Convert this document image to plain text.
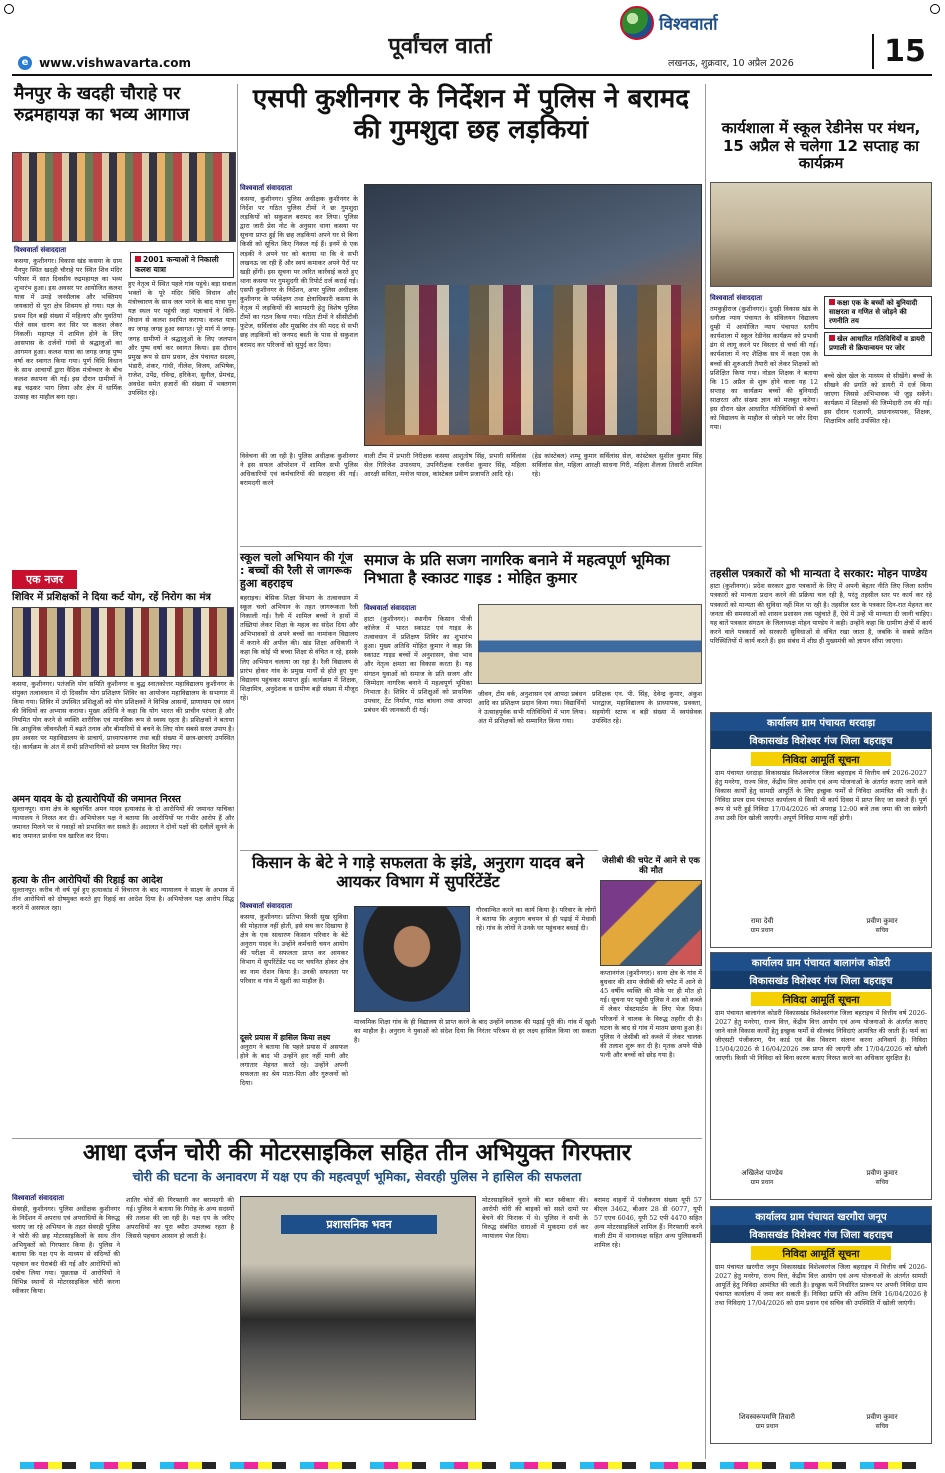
पूर्वांचल वार्ता
e www.vishwavarta.com
विश्ववार्ता
लखनऊ, शुक्रवार, 10 अप्रैल 2026	15
मैनपुर के खदही चौराहे पर रुद्रमहायज्ञ का भव्य आगाज
विश्ववार्ता संवाददाता
कसया, कुशीनगर। विकास खंड कसया के ग्राम मैनपुर स्थित खदही चौराहे पर स्थित शिव मंदिर परिसर में सात दिवसीय रुद्रमहायज्ञ का भव्य शुभारंभ हुआ। इस अवसर पर आयोजित कलश यात्रा में उमड़े जनसैलाब और भक्तिमय जयकारों से पूरा क्षेत्र शिवमय हो गया। यज्ञ के प्रथम दिन बड़ी संख्या में महिलाएं और युवतियां पीले वस्त्र धारण कर सिर पर कलश लेकर निकलीं। महायज्ञ में शामिल होने के लिए आसपास के दर्जनों गांवों से श्रद्धालुओं का आगमन हुआ। कलश यात्रा का जगह जगह पुष्प वर्षा कर स्वागत किया गया। पूर्ण विधि विधान के साथ आचार्यों द्वारा वैदिक मंत्रोच्चार के बीच कलश स्थापना की गई। इस दौरान ग्रामीणों ने बढ़ चढ़कर भाग लिया और क्षेत्र में धार्मिक उत्साह का माहौल बना रहा।
2001 कन्याओं ने निकाली कलश यात्रा
हुए नेतृत्व में स्थित पहले गांव पहुंचे। बड़ा सवाल भक्तों के पूरे मंदिर विधि विधान और मंत्रोच्चारण के साथ जल भरने के बाद यात्रा पुनः यज्ञ स्थल पर पहुंची जहां यज्ञाचार्य ने विधि-विधान से कलश स्थापित कराया। कलश यात्रा का जगह जगह हुआ स्वागत। पूरे मार्ग में जगह-जगह ग्रामीणों ने श्रद्धालुओं के लिए जलपान और पुष्प वर्षा कर स्वागत किया। इस दौरान प्रमुख रूप से ग्राम प्रधान, क्षेत्र पंचायत सदस्य, भंडारी, शंकर, गांधी, नीलेश, विजय, अभिषेक, राजेश, उपेंद्र, रविन्द्र, हरिकेश, सुनील, प्रेमचंद्र, अवधेश समेत हजारों की संख्या में भक्तगण उपस्थित रहे।
एसपी कुशीनगर के निर्देशन में पुलिस ने बरामद की गुमशुदा छह लड़कियां
विश्ववार्ता संवाददाता
कसया, कुशीनगर। पुलिस अधीक्षक कुशीनगर के निर्देश पर गठित पुलिस टीमों ने छः गुमशुदा लड़कियों को सकुशल बरामद कर लिया। पुलिस द्वारा जारी प्रेस नोट के अनुसार थाना कसया पर सूचना प्राप्त हुई कि छह लड़कियां अपने घर से बिना किसी को सूचित किए निकल गई हैं। इनमें से एक लड़की ने अपने घर को बताया था कि वे सभी लखनऊ जा रही हैं और स्वयं कमाकर अपने पैरों पर खड़ी होंगी। इस सूचना पर त्वरित कार्रवाई करते हुए थाना कसया पर गुमशुदगी की रिपोर्ट दर्ज कराई गई। एसपी कुशीनगर के निर्देशन, अपर पुलिस अधीक्षक कुशीनगर के पर्यवेक्षण तथा क्षेत्राधिकारी कसया के नेतृत्व में लड़कियों की बरामदगी हेतु विशेष पुलिस टीमों का गठन किया गया। गठित टीमों ने सीसीटीवी फुटेज, सर्विलांस और मुखबिर तंत्र की मदद से सभी छह लड़कियों को जनपद बस्ती के पास से सकुशल बरामद कर परिजनों को सुपुर्द कर दिया।
विवेचना की जा रही है। पुलिस अधीक्षक कुशीनगर ने इस सफल ऑपरेशन में शामिल सभी पुलिस अधिकारियों एवं कर्मचारियों की सराहना की गई। बरामदगी करने
वाली टीम में प्रभारी निरीक्षक कसया आशुतोष सिंह, प्रभारी सर्विलांस सेल गिरिजेश उपाध्याय, उपनिरीक्षक रजनीश कुमार सिंह, महिला आरक्षी सविता, मनोज यादव, कांस्टेबल प्रवीण प्रजापति आदि रहे।
(हेड कांस्टेबल) शम्भू कुमार सर्विलांस सेल, कांस्टेबल सुशील कुमार सिंह सर्विलांस सेल, महिला आरक्षी साधना गिरी, महिला शैलजा तिवारी शामिल रहे।
कार्यशाला में स्कूल रेडीनेस पर मंथन, 15 अप्रैल से चलेगा 12 सप्ताह का कार्यक्रम
विश्ववार्ता संवाददाता
तमकुहीराज (कुशीनगर)। दुदही विकास खंड के धनौजा न्याय पंचायत के संविलयन विद्यालय दुम्ही में आयोजित न्याय पंचायत स्तरीय कार्यशाला में स्कूल रेडीनेस कार्यक्रम को प्रभावी ढंग से लागू करने पर विस्तार से चर्चा की गई। कार्यशाला में नए शैक्षिक सत्र में कक्षा एक के बच्चों की शुरुआती तैयारी को लेकर शिक्षकों को प्रशिक्षित किया गया। नोडल शिक्षक ने बताया कि 15 अप्रैल से शुरू होने वाला यह 12 सप्ताह का कार्यक्रम बच्चों की बुनियादी साक्षरता और संख्या ज्ञान को मजबूत करेगा। इस दौरान खेल आधारित गतिविधियों से बच्चों को विद्यालय के माहौल से जोड़ने पर जोर दिया गया।
कक्षा एक के बच्चों को बुनियादी साक्षरता व गणित से जोड़ने की रणनीति तय
खेल आधारित गतिविधियों व डायरी प्रणाली से क्रियान्वयन पर जोर
बच्चे खेल खेल के माध्यम से सीखेंगे। बच्चों के सीखने की प्रगति को डायरी में दर्ज किया जाएगा जिससे अभिभावक भी जुड़ सकेंगे। कार्यक्रम में शिक्षकों की जिम्मेदारी तय की गई। इस दौरान एआरपी, प्रधानाध्यापक, शिक्षक, शिक्षामित्र आदि उपस्थित रहे।
तहसील पत्रकारों को भी मान्यता दे सरकार: मोहन पाण्डेय
हाटा (कुशीनगर)। प्रदेश सरकार द्वारा पत्रकारों के लिए में अपनी बेहतर नीति लिए जिला स्तरीय पत्रकारों को मान्यता प्रदान करने की प्रक्रिया चल रही है, परंतु तहसील स्तर पर कार्य कर रहे पत्रकारों को मान्यता की सुविधा नहीं मिल पा रही है। तहसील स्तर के पत्रकार दिन-रात मेहनत कर जनता की समस्याओं को शासन प्रशासन तक पहुंचाते हैं, ऐसे में उन्हें भी मान्यता दी जानी चाहिए। यह बातें पत्रकार संगठन के जिलाध्यक्ष मोहन पाण्डेय ने कही। उन्होंने कहा कि ग्रामीण क्षेत्रों में कार्य करने वाले पत्रकारों को सरकारी सुविधाओं से वंचित रखा जाता है, जबकि वे सबसे कठिन परिस्थितियों में कार्य करते हैं। इस संबंध में शीघ्र ही मुख्यमंत्री को ज्ञापन सौंपा जाएगा।
कार्यालय ग्राम पंचायत धरदाड़ा
विकासखंड विशेश्वर गंज जिला बहराइच
निविदा आमूर्ति सूचना
ग्राम पंचायत धरदाड़ा विकासखंड विशेश्वरगंज जिला बहराइच में वित्तीय वर्ष 2026-2027 हेतु मनरेगा, राज्य वित्त, केंद्रीय वित्त आयोग एवं अन्य योजनाओं के अंतर्गत कराए जाने वाले विकास कार्यों हेतु सामग्री आपूर्ति के लिए इच्छुक फर्मों से निविदा आमंत्रित की जाती है। निविदा प्रपत्र ग्राम पंचायत कार्यालय से किसी भी कार्य दिवस में प्राप्त किए जा सकते हैं। पूर्ण रूप से भरी हुई निविदा 17/04/2026 को अपराह्न 12:00 बजे तक जमा की जा सकेगी तथा उसी दिन खोली जाएगी। अपूर्ण निविदा मान्य नहीं होगी।
रामा देवी
ग्राम प्रधान
प्रवीण कुमार
सचिव
कार्यालय ग्राम पंचायत बालागंज कोडरी
विकासखंड विशेश्वर गंज जिला बहराइच
निविदा आमूर्ति सूचना
ग्राम पंचायत बालागंज कोडरी विकासखंड विशेश्वरगंज जिला बहराइच में वित्तीय वर्ष 2026-2027 हेतु मनरेगा, राज्य वित्त, केंद्रीय वित्त आयोग एवं अन्य योजनाओं के अंतर्गत कराए जाने वाले विकास कार्यों हेतु इच्छुक फर्मों से सीलबंद निविदाएं आमंत्रित की जाती हैं। फर्म का जीएसटी पंजीकरण, पैन कार्ड एवं बैंक विवरण संलग्न करना अनिवार्य है। निविदा 15/04/2026 से 16/04/2026 तक प्राप्त की जाएगी और 17/04/2026 को खोली जाएगी। किसी भी निविदा को बिना कारण बताए निरस्त करने का अधिकार सुरक्षित है।
अखिलेश पाण्डेय
ग्राम प्रधान
प्रवीण कुमार
सचिव
कार्यालय ग्राम पंचायत खरगौरा जनूप
विकासखंड विशेश्वर गंज जिला बहराइच
निविदा आमूर्ति सूचना
ग्राम पंचायत खरगौरा जनूप विकासखंड विशेश्वरगंज जिला बहराइच में वित्तीय वर्ष 2026-2027 हेतु मनरेगा, राज्य वित्त, केंद्रीय वित्त आयोग एवं अन्य योजनाओं के अंतर्गत सामग्री आपूर्ति हेतु निविदा आमंत्रित की जाती है। इच्छुक फर्में निर्धारित प्रारूप पर अपनी निविदा ग्राम पंचायत कार्यालय में जमा कर सकती हैं। निविदा प्राप्ति की अंतिम तिथि 16/04/2026 है तथा निविदाएं 17/04/2026 को ग्राम प्रधान एवं सचिव की उपस्थिति में खोली जाएंगी।
शिवस्वरूपमणि तिवारी
ग्राम प्रधान
प्रवीण कुमार
सचिव
एक नजर
शिविर में प्रशिक्षकों ने दिया कर्ट योग, रहें निरोग का मंत्र
कसया, कुशीनगर। पतंजलि योग समिति कुशीनगर व बुद्ध स्नातकोत्तर महाविद्यालय कुशीनगर के संयुक्त तत्वावधान में दो दिवसीय योग प्रशिक्षण शिविर का आयोजन महाविद्यालय के सभागार में किया गया। शिविर में उपस्थित प्रशिक्षुओं को योग प्रशिक्षकों ने विभिन्न आसनों, प्राणायाम एवं ध्यान की विधियों का अभ्यास कराया। मुख्य अतिथि ने कहा कि योग भारत की प्राचीन परंपरा है और नियमित योग करने से व्यक्ति शारीरिक एवं मानसिक रूप से स्वस्थ रहता है। प्रशिक्षकों ने बताया कि आधुनिक जीवनशैली में बढ़ते तनाव और बीमारियों से बचने के लिए योग सबसे सरल उपाय है। इस अवसर पर महाविद्यालय के प्राचार्य, प्राध्यापकगण तथा बड़ी संख्या में छात्र-छात्राएं उपस्थित रहे। कार्यक्रम के अंत में सभी प्रतिभागियों को प्रमाण पत्र वितरित किए गए।
अमन यादव के दो हत्यारोपियों की जमानत निरस्त
सुल्तानपुर। थाना क्षेत्र के बहुचर्चित अमन यादव हत्याकांड के दो आरोपियों की जमानत याचिका न्यायालय ने निरस्त कर दी। अभियोजन पक्ष ने बताया कि आरोपियों पर गंभीर आरोप हैं और जमानत मिलने पर वे गवाहों को प्रभावित कर सकते हैं। अदालत ने दोनों पक्षों की दलीलें सुनने के बाद जमानत प्रार्थना पत्र खारिज कर दिया।
हत्या के तीन आरोपियों की रिहाई का आदेश
सुल्तानपुर। करीब नौ वर्ष पूर्व हुए हत्याकांड में विचारण के बाद न्यायालय ने साक्ष्य के अभाव में तीन आरोपियों को दोषमुक्त करते हुए रिहाई का आदेश दिया है। अभियोजन पक्ष आरोप सिद्ध करने में असफल रहा।
स्कूल चलो अभियान की गूंज : बच्चों की रैली से जागरूक हुआ बहराइच
बहराइच। बेसिक शिक्षा विभाग के तत्वावधान में स्कूल चलो अभियान के तहत जागरूकता रैली निकाली गई। रैली में शामिल बच्चों ने हाथों में तख्तियां लेकर शिक्षा के महत्व का संदेश दिया और अभिभावकों से अपने बच्चों का नामांकन विद्यालय में कराने की अपील की। खंड शिक्षा अधिकारी ने कहा कि कोई भी बच्चा शिक्षा से वंचित न रहे, इसके लिए अभियान चलाया जा रहा है। रैली विद्यालय से प्रारंभ होकर गांव के प्रमुख मार्गों से होते हुए पुनः विद्यालय पहुंचकर समाप्त हुई। कार्यक्रम में शिक्षक, शिक्षामित्र, अनुदेशक व ग्रामीण बड़ी संख्या में मौजूद रहे।
समाज के प्रति सजग नागरिक बनाने में महत्वपूर्ण भूमिका निभाता है स्काउट गाइड : मोहित कुमार
विश्ववार्ता संवाददाता
हाटा (कुशीनगर)। स्थानीय किसान पीजी कॉलेज में भारत स्काउट एवं गाइड के तत्वावधान में प्रशिक्षण शिविर का शुभारंभ हुआ। मुख्य अतिथि मोहित कुमार ने कहा कि स्काउट गाइड बच्चों में अनुशासन, सेवा भाव और नेतृत्व क्षमता का विकास करता है। यह संगठन युवाओं को समाज के प्रति सजग और जिम्मेदार नागरिक बनाने में महत्वपूर्ण भूमिका निभाता है। शिविर में प्रशिक्षुओं को प्राथमिक उपचार, टेंट निर्माण, गांठ बांधना तथा आपदा प्रबंधन की जानकारी दी गई।
जीवन, टीम वर्क, अनुशासन एवं आपदा प्रबंधन आदि का प्रशिक्षण प्रदान किया गया। विद्यार्थियों ने उत्साहपूर्वक सभी गतिविधियों में भाग लिया। अंत में प्रशिक्षकों को सम्मानित किया गया।
प्रशिक्षक एन. पी. सिंह, देवेन्द्र कुमार, अंकुश भारद्वाज, महाविद्यालय के प्राध्यापक, प्रवक्ता, सहयोगी स्टाफ व बड़ी संख्या में स्वयंसेवक उपस्थित रहे।
किसान के बेटे ने गाड़े सफलता के झंडे, अनुराग यादव बने आयकर विभाग में सुपरिंटेंडेंट
विश्ववार्ता संवाददाता
कसया, कुशीनगर। प्रतिभा किसी सुख सुविधा की मोहताज नहीं होती, इसे सच कर दिखाया है क्षेत्र के एक साधारण किसान परिवार के बेटे अनुराग यादव ने। उन्होंने कर्मचारी चयन आयोग की परीक्षा में सफलता प्राप्त कर आयकर विभाग में सुपरिंटेंडेंट पद पर चयनित होकर क्षेत्र का नाम रोशन किया है। उनकी सफलता पर परिवार व गांव में खुशी का माहौल है।
दूसरे प्रयास में हासिल किया लक्ष्य
अनुराग ने बताया कि पहले प्रयास में असफल होने के बाद भी उन्होंने हार नहीं मानी और लगातार मेहनत करते रहे। उन्होंने अपनी सफलता का श्रेय माता-पिता और गुरुजनों को दिया।
गौरवान्वित करने का कार्य किया है। परिवार के लोगों ने बताया कि अनुराग बचपन से ही पढ़ाई में मेधावी रहे। गांव के लोगों ने उनके घर पहुंचकर बधाई दी।
माध्यमिक शिक्षा गांव के ही विद्यालय से प्राप्त करने के बाद उन्होंने स्नातक की पढ़ाई पूरी की। गांव में खुशी का माहौल है। अनुराग ने युवाओं को संदेश दिया कि निरंतर परिश्रम से हर लक्ष्य हासिल किया जा सकता है।
जेसीबी की चपेट में आने से एक की मौत
कप्तानगंज (कुशीनगर)। थाना क्षेत्र के गांव में बुधवार की शाम जेसीबी की चपेट में आने से 45 वर्षीय व्यक्ति की मौके पर ही मौत हो गई। सूचना पर पहुंची पुलिस ने शव को कब्जे में लेकर पोस्टमार्टम के लिए भेज दिया। परिजनों ने चालक के विरुद्ध तहरीर दी है। घटना के बाद से गांव में मातम छाया हुआ है। पुलिस ने जेसीबी को कब्जे में लेकर चालक की तलाश शुरू कर दी है। मृतक अपने पीछे पत्नी और बच्चों को छोड़ गया है।
आधा दर्जन चोरी की मोटरसाइकिल सहित तीन अभियुक्त गिरफ्तार
चोरी की घटना के अनावरण में यक्ष एप की महत्वपूर्ण भूमिका, सेवरही पुलिस ने हासिल की सफलता
विश्ववार्ता संवाददाता
सेवरही, कुशीनगर। पुलिस अधीक्षक कुशीनगर के निर्देशन में अपराध एवं अपराधियों के विरुद्ध चलाए जा रहे अभियान के तहत सेवरही पुलिस ने चोरी की छह मोटरसाइकिलों के साथ तीन अभियुक्तों को गिरफ्तार किया है। पुलिस ने बताया कि यक्ष एप के माध्यम से संदिग्धों की पहचान कर घेराबंदी की गई और आरोपियों को दबोच लिया गया। पूछताछ में आरोपियों ने विभिन्न स्थानों से मोटरसाइकिल चोरी करना स्वीकार किया।
शातिर चोरों की गिरफ्तारी कर बरामदगी की गई। पुलिस ने बताया कि गिरोह के अन्य सदस्यों की तलाश की जा रही है। यक्ष एप के जरिए अपराधियों का पूरा ब्यौरा उपलब्ध रहता है जिससे पहचान आसान हो जाती है।
प्रशासनिक भवन
मोटरसाइकिलें चुराने की बात स्वीकार की। आरोपी चोरी की बाइकों को सस्ते दामों पर बेचने की फिराक में थे। पुलिस ने सभी के विरुद्ध संबंधित धाराओं में मुकदमा दर्ज कर न्यायालय भेज दिया।
बरामद वाहनों में पंजीकरण संख्या यूपी 57 बीएल 3462, बीआर 28 डी 6077, यूपी 57 एएच 6046, यूपी 52 एपी 4470 सहित अन्य मोटरसाइकिलें शामिल हैं। गिरफ्तारी करने वाली टीम में थानाध्यक्ष सहित अन्य पुलिसकर्मी शामिल रहे।
